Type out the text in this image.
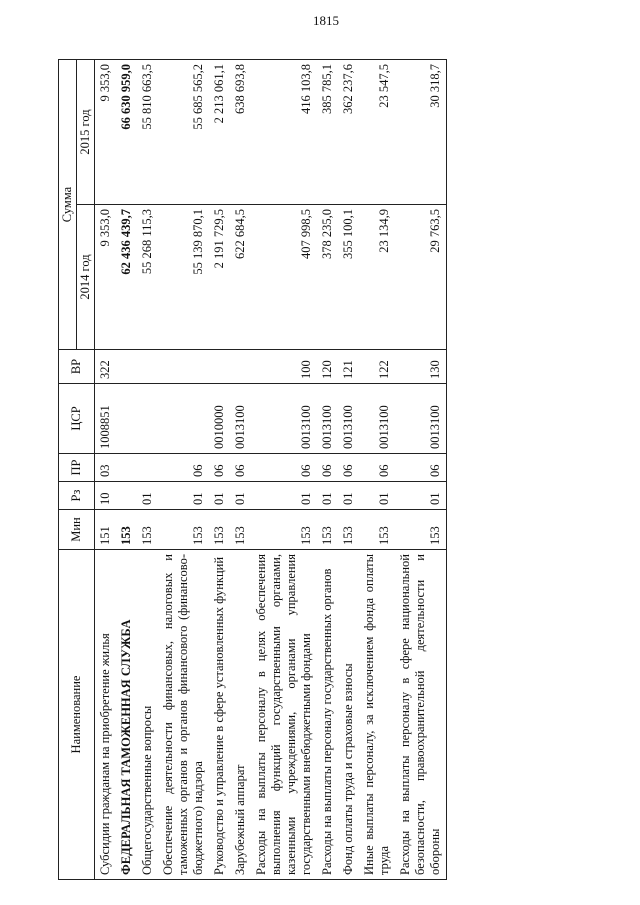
1815
Наименование	Мин	Рз	ПР	ЦСР	ВР	Сумма	
						2014 год	2015 год
Субсидии гражданам на приобретение жилья	151	10	03	1008851	322	9 353,0	9 353,0
ФЕДЕРАЛЬНАЯ ТАМОЖЕННАЯ СЛУЖБА	153					62 436 439,7	66 630 959,0
Общегосударственные вопросы	153	01				55 268 115,3	55 810 663,5
Обеспечение деятельности финансовых, налоговых и таможенных органов и органов финансового (финансово-бюджетного) надзора	153	01	06			55 139 870,1	55 685 565,2
Руководство и управление в сфере установленных функций	153	01	06	0010000		2 191 729,5	2 213 061,1
Зарубежный аппарат	153	01	06	0013100		622 684,5	638 693,8
Расходы на выплаты персоналу в целях обеспечения выполнения функций государственными органами, казенными учреждениями, органами управления государственными внебюджетными фондами	153	01	06	0013100	100	407 998,5	416 103,8
Расходы на выплаты персоналу государственных органов	153	01	06	0013100	120	378 235,0	385 785,1
Фонд оплаты труда и страховые взносы	153	01	06	0013100	121	355 100,1	362 237,6
Иные выплаты персоналу, за исключением фонда оплаты труда	153	01	06	0013100	122	23 134,9	23 547,5
Расходы на выплаты персоналу в сфере национальной безопасности, правоохранительной деятельности и обороны	153	01	06	0013100	130	29 763,5	30 318,7
